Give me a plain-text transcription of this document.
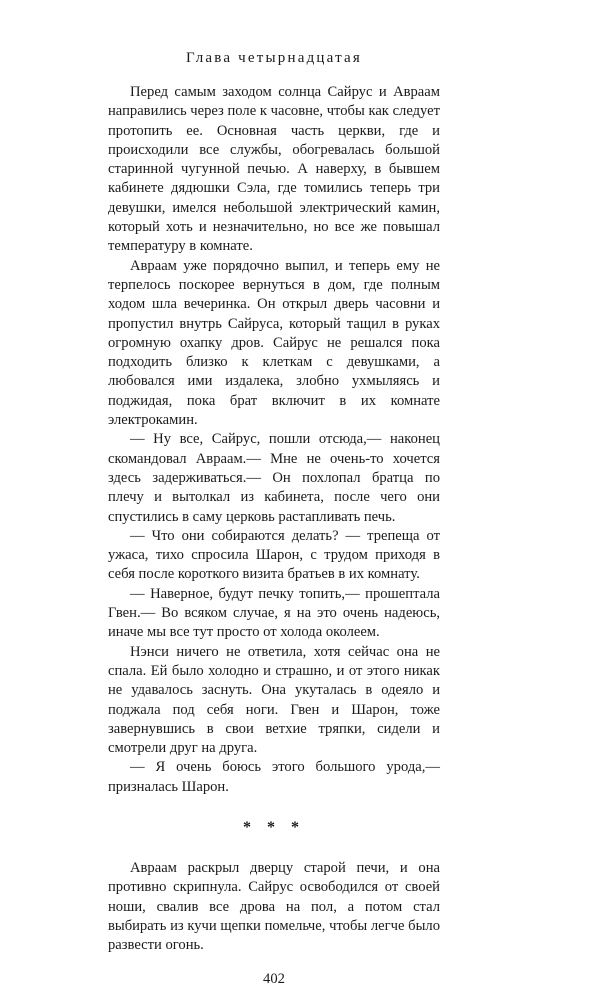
Глава четырнадцатая

Перед самым заходом солнца Сайрус и Авраам направились через поле к часовне, чтобы как следует протопить ее. Основная часть церкви, где и происходили все службы, обогревалась большой старинной чугунной печью. А наверху, в бывшем кабинете дядюшки Сэла, где томились теперь три девушки, имелся небольшой электрический камин, который хоть и незначительно, но все же повышал температуру в комнате.

Авраам уже порядочно выпил, и теперь ему не терпелось поскорее вернуться в дом, где полным ходом шла вечеринка. Он открыл дверь часовни и пропустил внутрь Сайруса, который тащил в руках огромную охапку дров. Сайрус не решался пока подходить близко к клеткам с девушками, а любовался ими издалека, злобно ухмыляясь и поджидая, пока брат включит в их комнате электрокамин.

— Ну все, Сайрус, пошли отсюда,— наконец скомандовал Авраам.— Мне не очень-то хочется здесь задерживаться.— Он похлопал братца по плечу и вытолкал из кабинета, после чего они спустились в саму церковь растапливать печь.

— Что они собираются делать? — трепеща от ужаса, тихо спросила Шарон, с трудом приходя в себя после короткого визита братьев в их комнату.

— Наверное, будут печку топить,— прошептала Гвен.— Во всяком случае, я на это очень надеюсь, иначе мы все тут просто от холода околеем.

Нэнси ничего не ответила, хотя сейчас она не спала. Ей было холодно и страшно, и от этого никак не удавалось заснуть. Она укуталась в одеяло и поджала под себя ноги. Гвен и Шарон, тоже завернувшись в свои ветхие тряпки, сидели и смотрели друг на друга.

— Я очень боюсь этого большого урода,— призналась Шарон.

* * *

Авраам раскрыл дверцу старой печи, и она противно скрипнула. Сайрус освободился от своей ноши, свалив все дрова на пол, а потом стал выбирать из кучи щепки помельче, чтобы легче было развести огонь.

402
